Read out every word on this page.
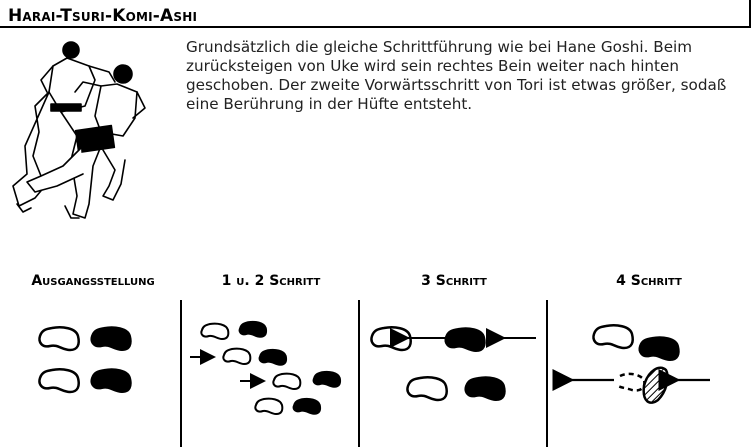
Harai-Tsuri-Komi-Ashi
Grundsätzlich die gleiche Schrittführung wie bei Hane Goshi. Beim zurücksteigen von Uke wird sein rechtes Bein weiter nach hinten geschoben. Der zweite Vorwärtsschritt von Tori ist etwas größer, sodaß eine Berührung in der Hüfte entsteht.
Ausgangsstellung	1 u. 2 Schritt	3 Schritt	4 Schritt
